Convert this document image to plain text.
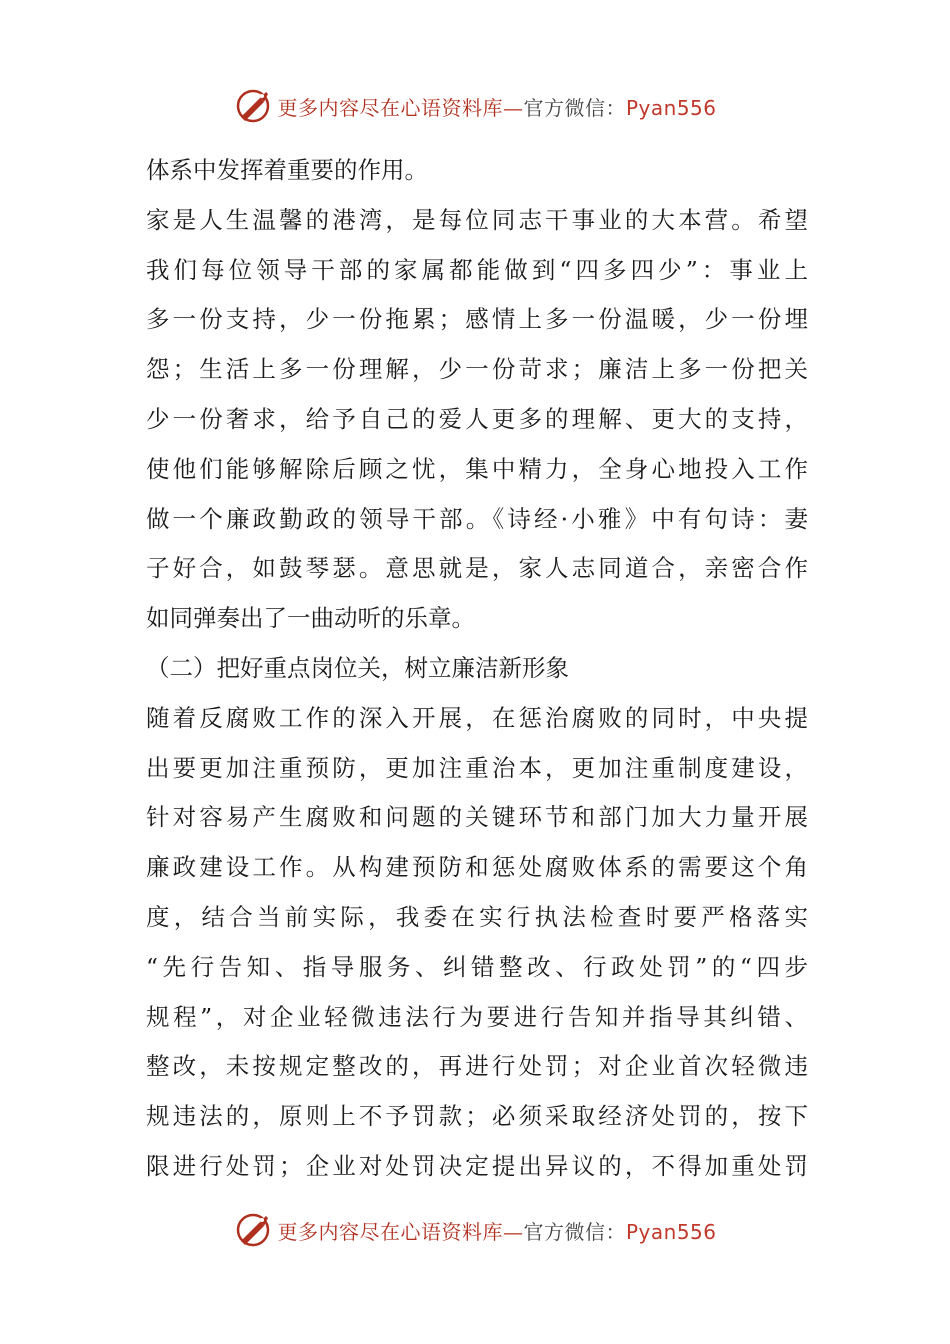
更多内容尽在心语资料库—官方微信：Pyan556
体系中发挥着重要的作用。
家是人生温馨的港湾，是每位同志干事业的大本营。希望
我们每位领导干部的家属都能做到“四多四少”：事业上
多一份支持，少一份拖累；感情上多一份温暖，少一份埋
怨；生活上多一份理解，少一份苛求；廉洁上多一份把关
少一份奢求，给予自己的爱人更多的理解、更大的支持，
使他们能够解除后顾之忧，集中精力，全身心地投入工作
做一个廉政勤政的领导干部。《诗经·小雅》中有句诗：妻
子好合，如鼓琴瑟。意思就是，家人志同道合，亲密合作
如同弹奏出了一曲动听的乐章。
（二）把好重点岗位关，树立廉洁新形象
随着反腐败工作的深入开展，在惩治腐败的同时，中央提
出要更加注重预防，更加注重治本，更加注重制度建设，
针对容易产生腐败和问题的关键环节和部门加大力量开展
廉政建设工作。从构建预防和惩处腐败体系的需要这个角
度，结合当前实际，我委在实行执法检查时要严格落实
“先行告知、指导服务、纠错整改、行政处罚”的“四步
规程”，对企业轻微违法行为要进行告知并指导其纠错、
整改，未按规定整改的，再进行处罚；对企业首次轻微违
规违法的，原则上不予罚款；必须采取经济处罚的，按下
限进行处罚；企业对处罚决定提出异议的，不得加重处罚
更多内容尽在心语资料库—官方微信：Pyan556
